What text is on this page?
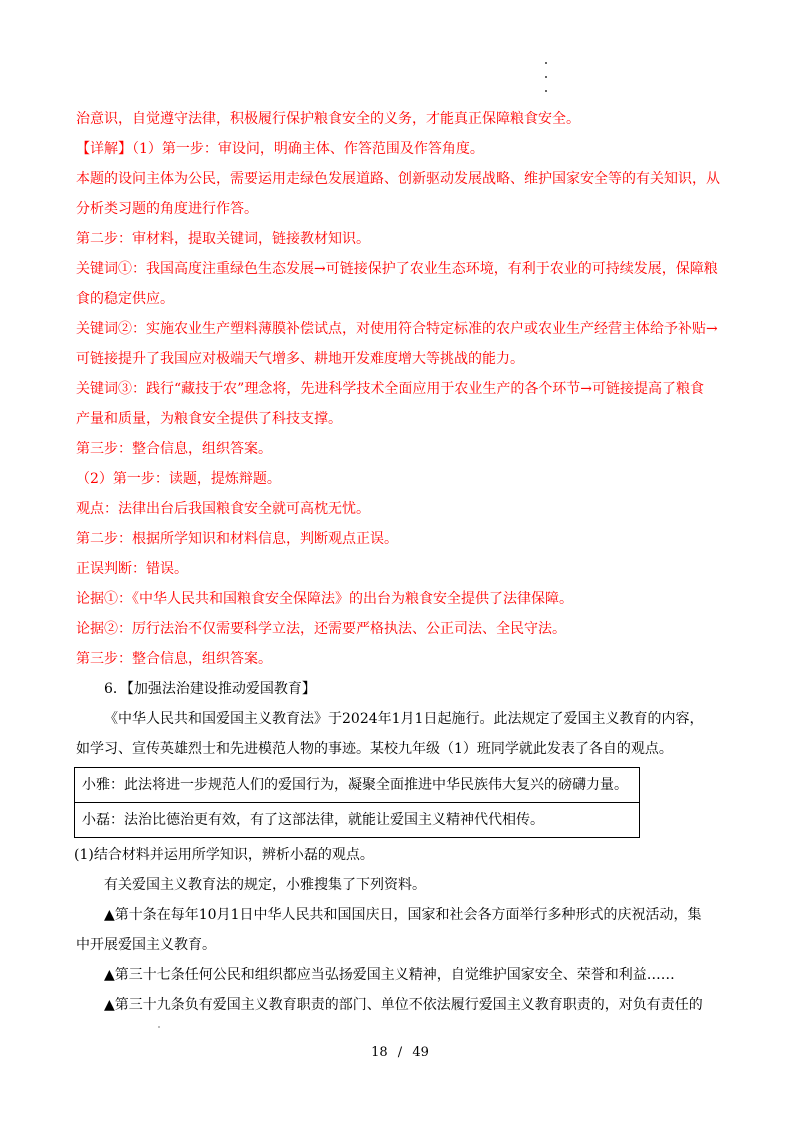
治意识，自觉遵守法律，积极履行保护粮食安全的义务，才能真正保障粮食安全。
【详解】（1）第一步：审设问，明确主体、作答范围及作答角度。
本题的设问主体为公民，需要运用走绿色发展道路、创新驱动发展战略、维护国家安全等的有关知识，从
分析类习题的角度进行作答。
第二步：审材料，提取关键词，链接教材知识。
关键词①：我国高度注重绿色生态发展→可链接保护了农业生态环境，有利于农业的可持续发展，保障粮
食的稳定供应。
关键词②：实施农业生产塑料薄膜补偿试点，对使用符合特定标准的农户或农业生产经营主体给予补贴→
可链接提升了我国应对极端天气增多、耕地开发难度增大等挑战的能力。
关键词③：践行“藏技于农”理念将，先进科学技术全面应用于农业生产的各个环节→可链接提高了粮食
产量和质量，为粮食安全提供了科技支撑。
第三步：整合信息，组织答案。
（2）第一步：读题，提炼辩题。
观点：法律出台后我国粮食安全就可高枕无忧。
第二步：根据所学知识和材料信息，判断观点正误。
正误判断：错误。
论据①：《中华人民共和国粮食安全保障法》的出台为粮食安全提供了法律保障。
论据②：厉行法治不仅需要科学立法，还需要严格执法、公正司法、全民守法。
第三步：整合信息，组织答案。
6．【加强法治建设推动爱国教育】
《中华人民共和国爱国主义教育法》于2024年1月1日起施行。此法规定了爱国主义教育的内容，
如学习、宣传英雄烈士和先进模范人物的事迹。某校九年级（1）班同学就此发表了各自的观点。
小雅：此法将进一步规范人们的爱国行为，凝聚全面推进中华民族伟大复兴的磅礴力量。
小磊：法治比德治更有效，有了这部法律，就能让爱国主义精神代代相传。
(1)结合材料并运用所学知识，辨析小磊的观点。
有关爱国主义教育法的规定，小雅搜集了下列资料。
▲第十条在每年10月1日中华人民共和国国庆日，国家和社会各方面举行多种形式的庆祝活动，集
中开展爱国主义教育。
▲第三十七条任何公民和组织都应当弘扬爱国主义精神，自觉维护国家安全、荣誉和利益……
▲第三十九条负有爱国主义教育职责的部门、单位不依法履行爱国主义教育职责的，对负有责任的
18 / 49
